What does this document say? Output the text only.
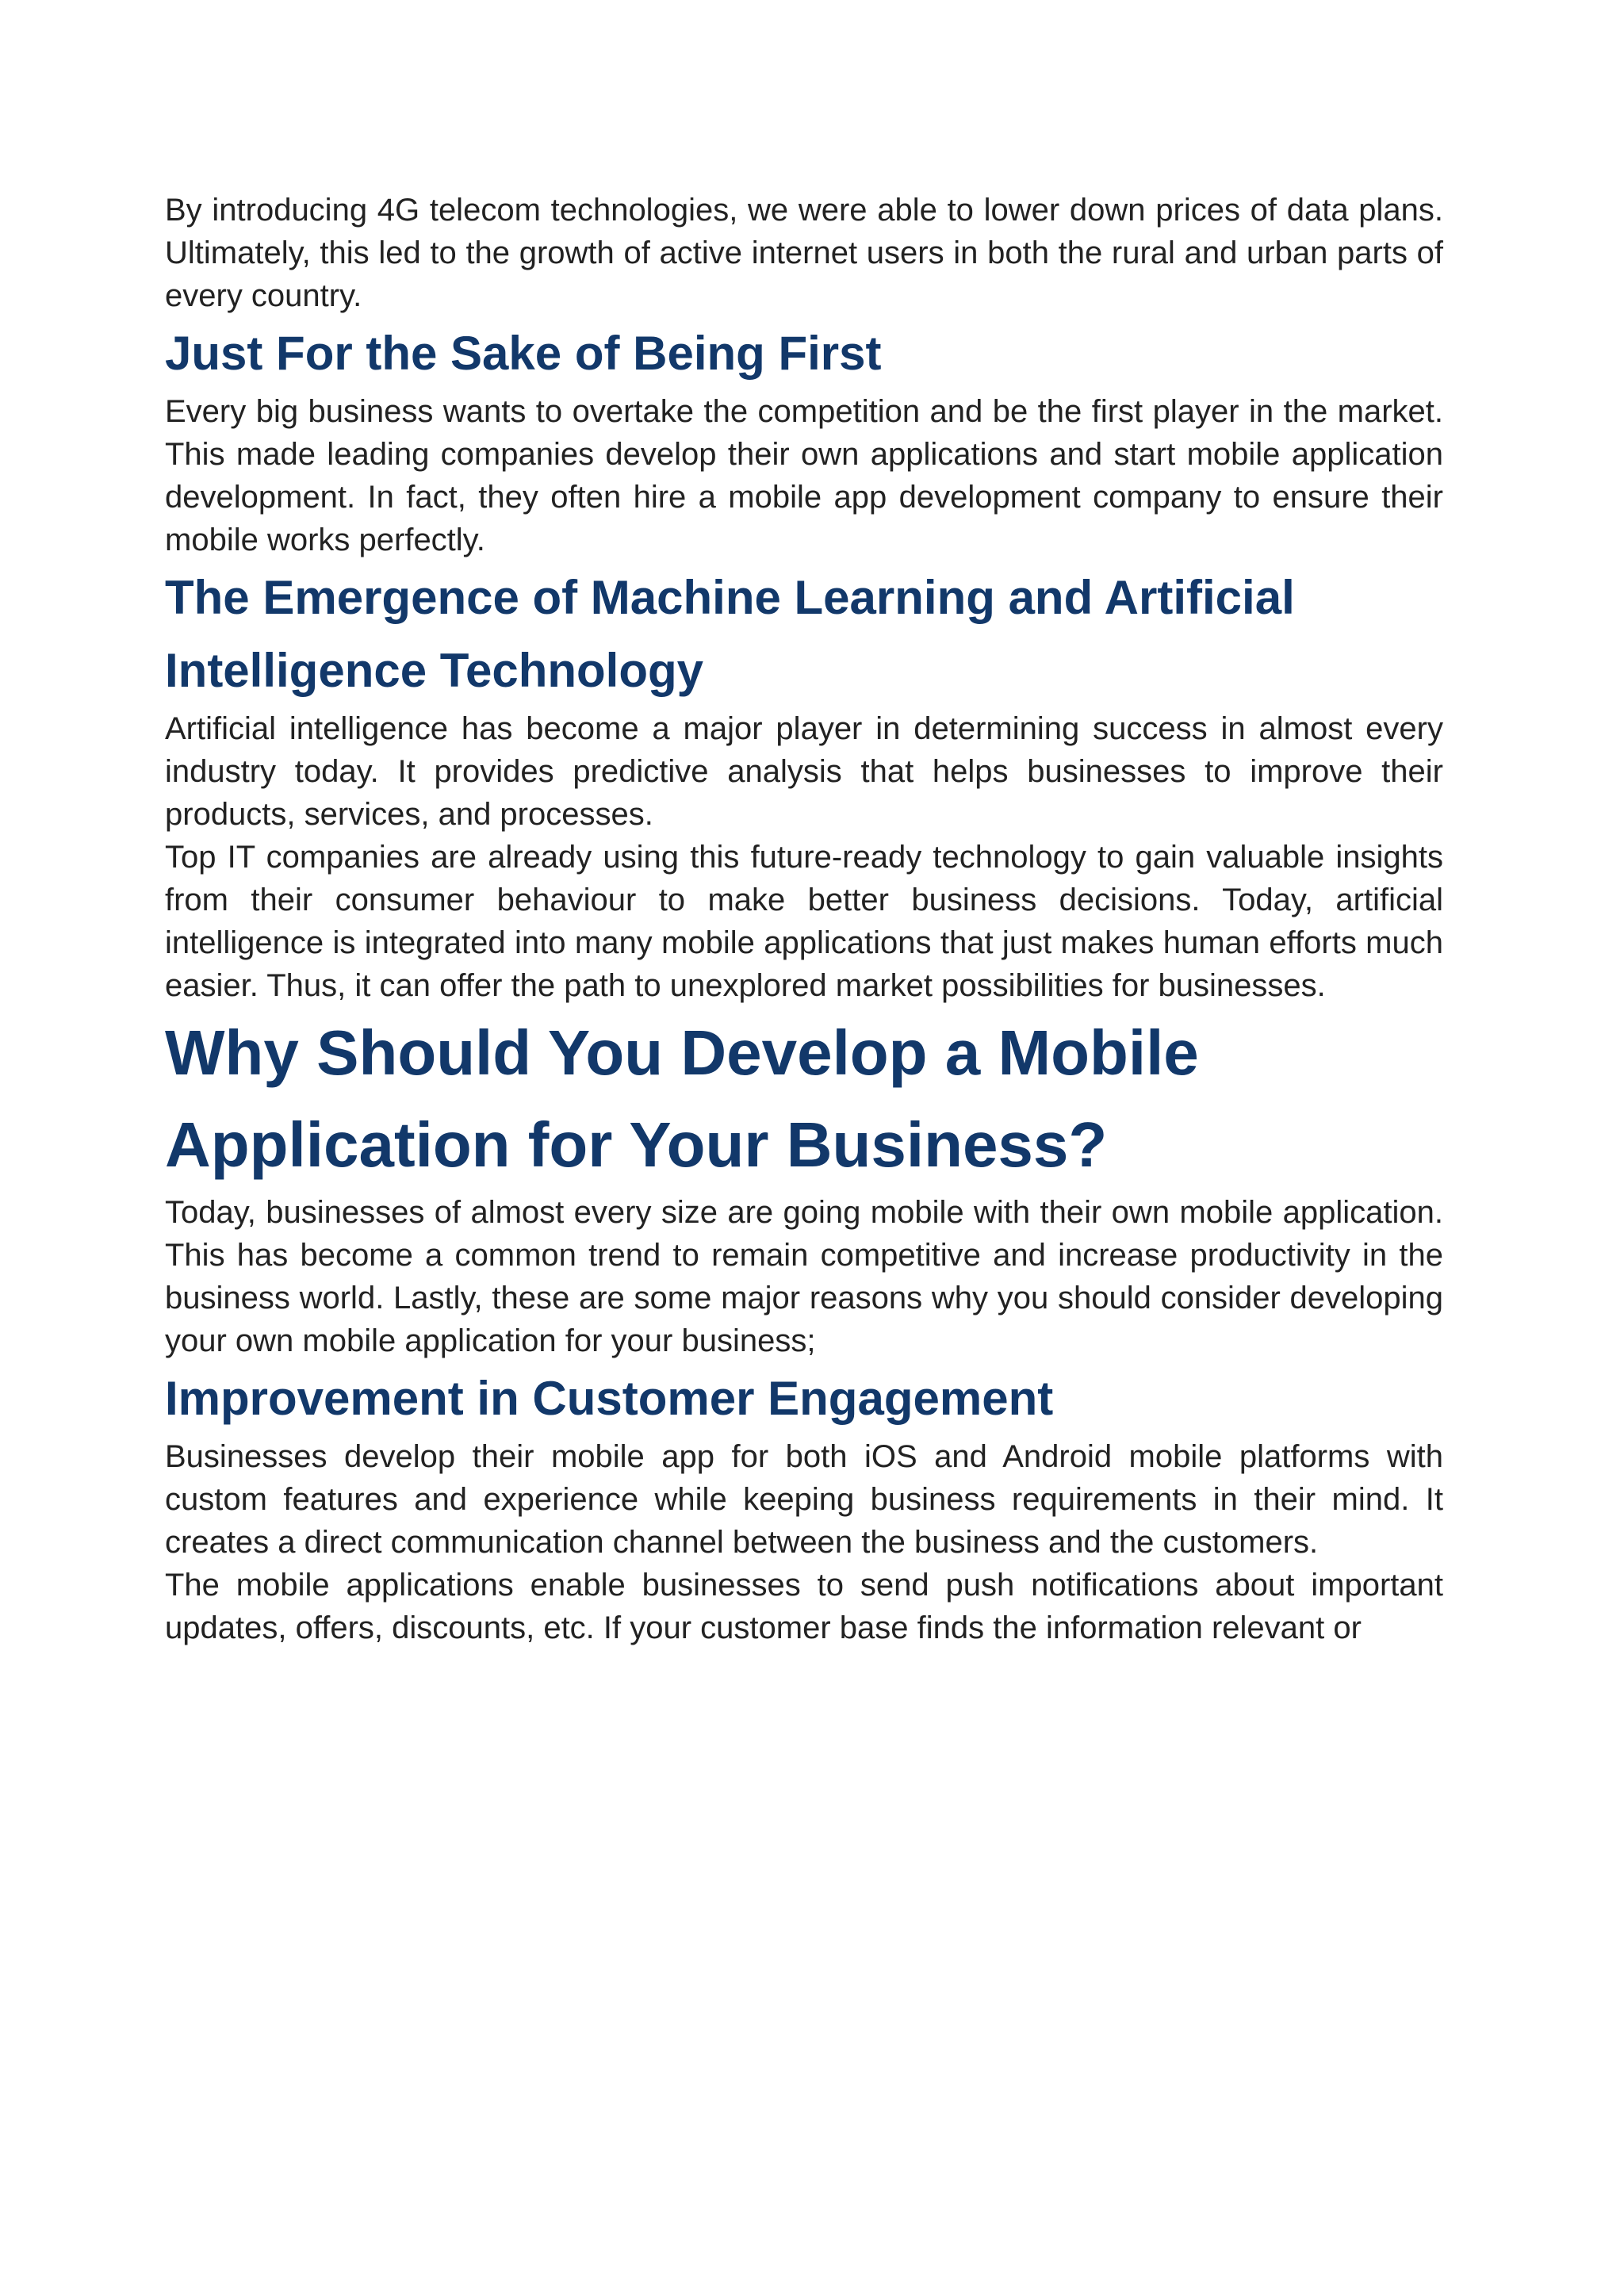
By introducing 4G telecom technologies, we were able to lower down prices of data plans. Ultimately, this led to the growth of active internet users in both the rural and urban parts of every country.

Just For the Sake of Being First

Every big business wants to overtake the competition and be the first player in the market. This made leading companies develop their own applications and start mobile application development. In fact, they often hire a mobile app development company to ensure their mobile works perfectly.

The Emergence of Machine Learning and Artificial Intelligence Technology

Artificial intelligence has become a major player in determining success in almost every industry today. It provides predictive analysis that helps businesses to improve their products, services, and processes.

Top IT companies are already using this future-ready technology to gain valuable insights from their consumer behaviour to make better business decisions. Today, artificial intelligence is integrated into many mobile applications that just makes human efforts much easier. Thus, it can offer the path to unexplored market possibilities for businesses.

Why Should You Develop a Mobile Application for Your Business?

Today, businesses of almost every size are going mobile with their own mobile application. This has become a common trend to remain competitive and increase productivity in the business world. Lastly, these are some major reasons why you should consider developing your own mobile application for your business;

Improvement in Customer Engagement

Businesses develop their mobile app for both iOS and Android mobile platforms with custom features and experience while keeping business requirements in their mind. It creates a direct communication channel between the business and the customers.

The mobile applications enable businesses to send push notifications about important updates, offers, discounts, etc. If your customer base finds the information relevant or
